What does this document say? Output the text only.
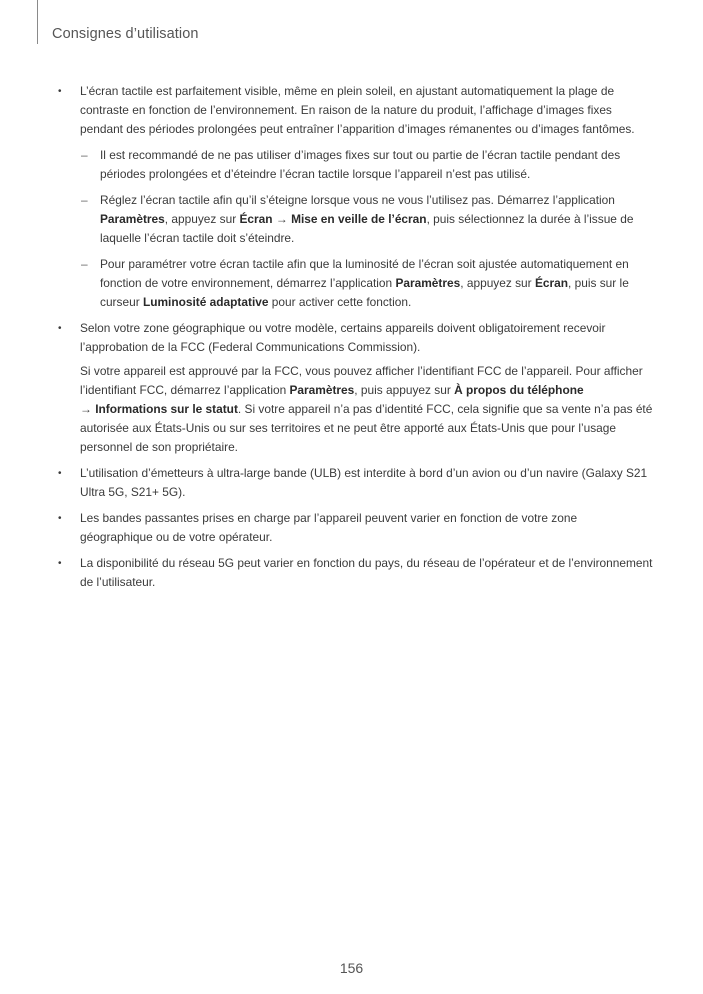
Consignes d’utilisation
• L’écran tactile est parfaitement visible, même en plein soleil, en ajustant automatiquement la plage de contraste en fonction de l’environnement. En raison de la nature du produit, l’affichage d’images fixes pendant des périodes prolongées peut entraîner l’apparition d’images rémanentes ou d’images fantômes.

– Il est recommandé de ne pas utiliser d’images fixes sur tout ou partie de l’écran tactile pendant des périodes prolongées et d’éteindre l’écran tactile lorsque l’appareil n’est pas utilisé.
– Réglez l’écran tactile afin qu’il s’éteigne lorsque vous ne vous l’utilisez pas. Démarrez l’application Paramètres, appuyez sur Écran → Mise en veille de l’écran, puis sélectionnez la durée à l’issue de laquelle l’écran tactile doit s’éteindre.
– Pour paramétrer votre écran tactile afin que la luminosité de l’écran soit ajustée automatiquement en fonction de votre environnement, démarrez l’application Paramètres, appuyez sur Écran, puis sur le curseur Luminosité adaptative pour activer cette fonction.
• Selon votre zone géographique ou votre modèle, certains appareils doivent obligatoirement recevoir l’approbation de la FCC (Federal Communications Commission).

Si votre appareil est approuvé par la FCC, vous pouvez afficher l’identifiant FCC de l’appareil. Pour afficher l’identifiant FCC, démarrez l’application Paramètres, puis appuyez sur À propos du téléphone
→ Informations sur le statut. Si votre appareil n’a pas d’identité FCC, cela signifie que sa vente n’a pas été autorisée aux États-Unis ou sur ses territoires et ne peut être apporté aux États-Unis que pour l’usage personnel de son propriétaire.

• L’utilisation d’émetteurs à ultra-large bande (ULB) est interdite à bord d’un avion ou d’un navire (Galaxy S21 Ultra 5G, S21+ 5G).

• Les bandes passantes prises en charge par l’appareil peuvent varier en fonction de votre zone géographique ou de votre opérateur.

• La disponibilité du réseau 5G peut varier en fonction du pays, du réseau de l’opérateur et de l’environnement de l’utilisateur.

156
